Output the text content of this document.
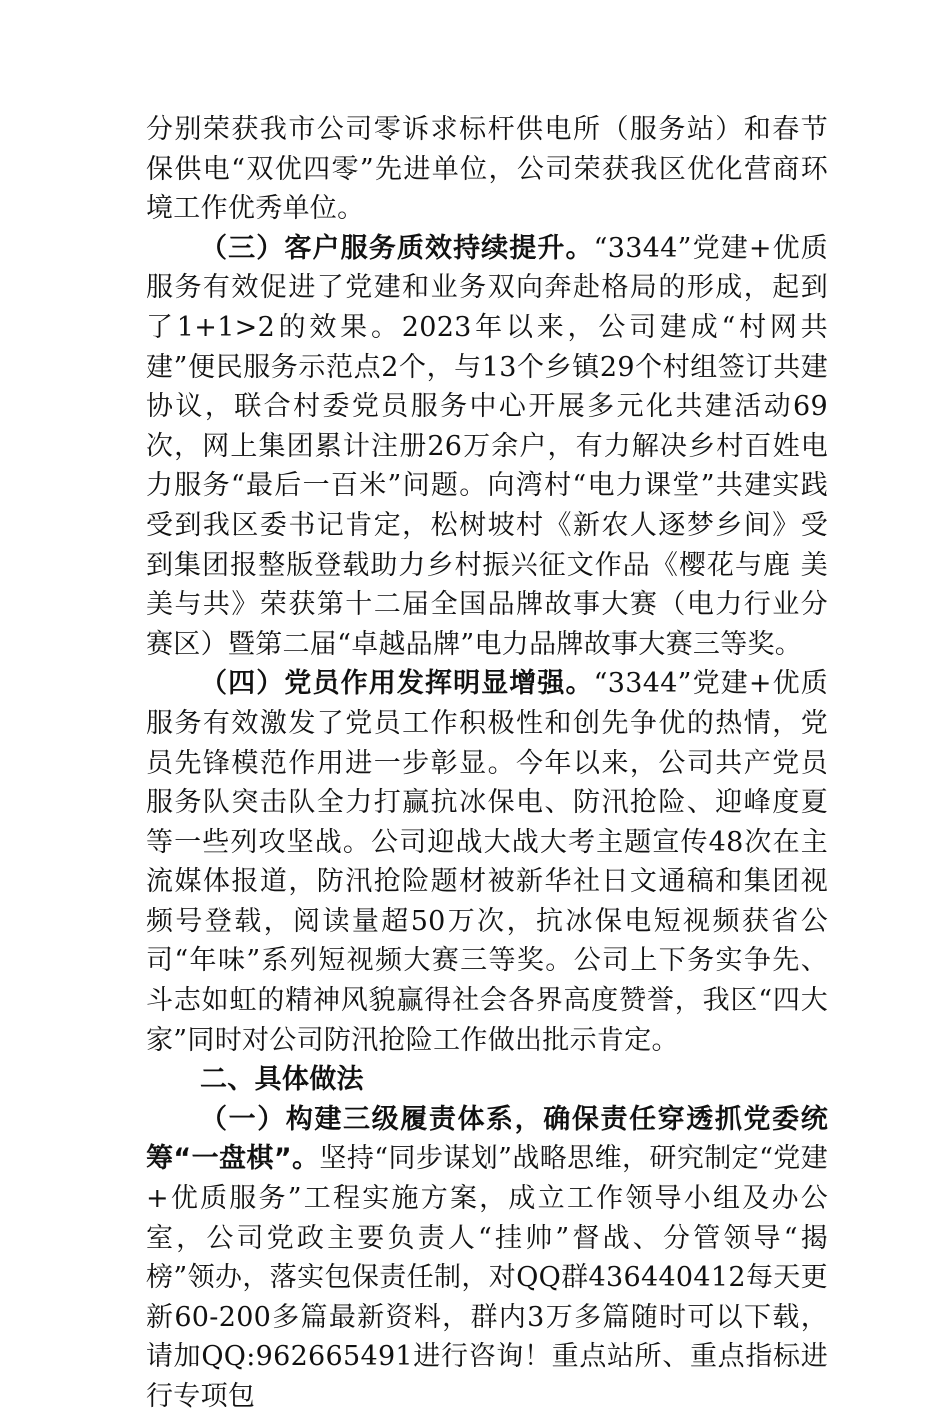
分别荣获我市公司零诉求标杆供电所（服务站）和春节保供电“双优四零”先进单位，公司荣获我区优化营商环境工作优秀单位。

（三）客户服务质效持续提升。“3344”党建+优质服务有效促进了党建和业务双向奔赴格局的形成，起到了1+1>2的效果。2023年以来，公司建成“村网共建”便民服务示范点2个，与13个乡镇29个村组签订共建协议，联合村委党员服务中心开展多元化共建活动69次，网上集团累计注册26万余户，有力解决乡村百姓电力服务“最后一百米”问题。向湾村“电力课堂”共建实践受到我区委书记肯定，松树坡村《新农人逐梦乡间》受到集团报整版登载助力乡村振兴征文作品《樱花与鹿 美美与共》荣获第十二届全国品牌故事大赛（电力行业分赛区）暨第二届“卓越品牌”电力品牌故事大赛三等奖。

（四）党员作用发挥明显增强。“3344”党建+优质服务有效激发了党员工作积极性和创先争优的热情，党员先锋模范作用进一步彰显。今年以来，公司共产党员服务队突击队全力打赢抗冰保电、防汛抢险、迎峰度夏等一些列攻坚战。公司迎战大战大考主题宣传48次在主流媒体报道，防汛抢险题材被新华社日文通稿和集团视频号登载，阅读量超50万次，抗冰保电短视频获省公司“年味”系列短视频大赛三等奖。公司上下务实争先、斗志如虹的精神风貌赢得社会各界高度赞誉，我区“四大家”同时对公司防汛抢险工作做出批示肯定。

二、具体做法

（一）构建三级履责体系，确保责任穿透抓党委统筹“一盘棋”。坚持“同步谋划”战略思维，研究制定“党建+优质服务”工程实施方案，成立工作领导小组及办公室，公司党政主要负责人“挂帅”督战、分管领导“揭榜”领办，落实包保责任制，对QQ群436440412每天更新60-200多篇最新资料，群内3万多篇随时可以下载，请加QQ:962665491进行咨询！重点站所、重点指标进行专项包
